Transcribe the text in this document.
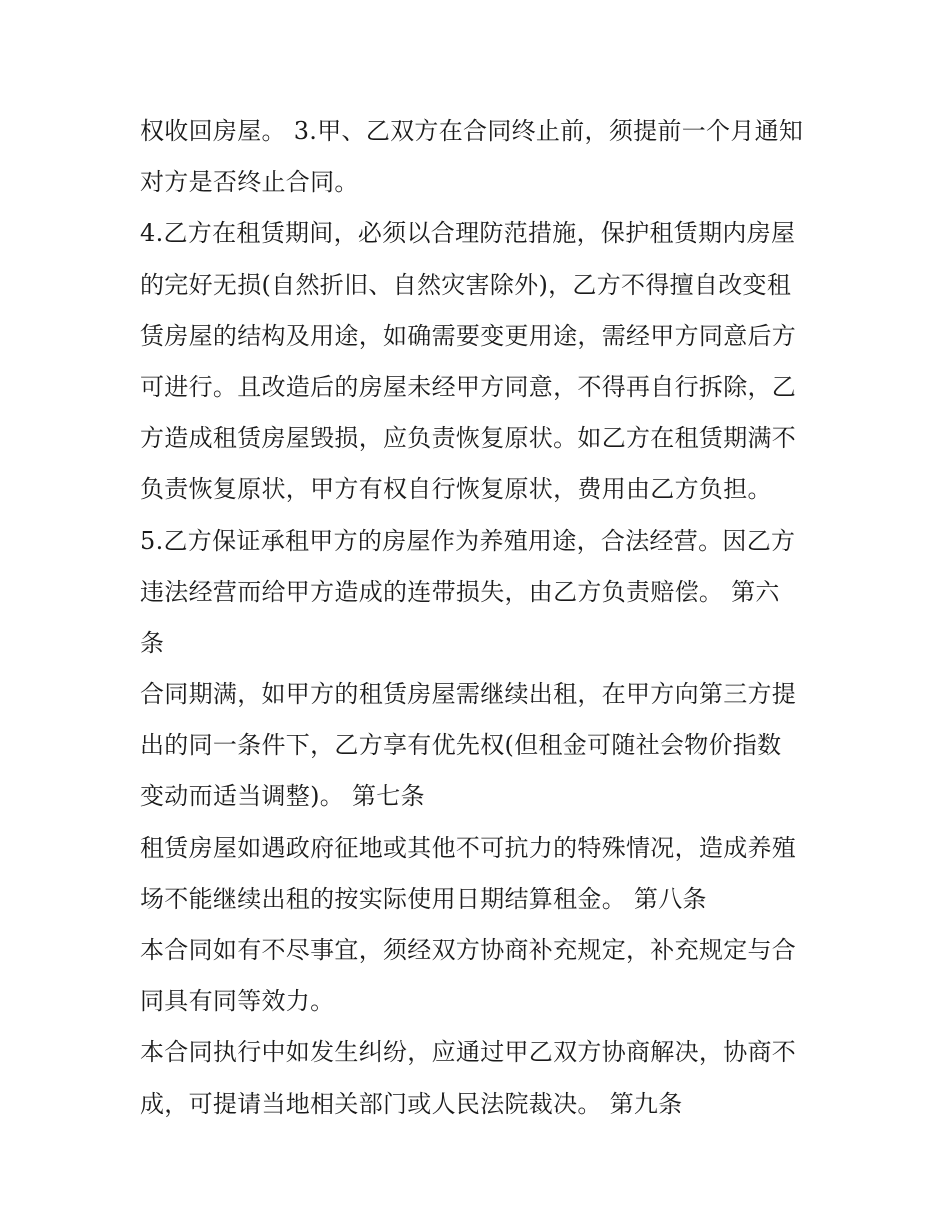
权收回房屋。 3.甲、乙双方在合同终止前，须提前一个月通知
对方是否终止合同。
4.乙方在租赁期间，必须以合理防范措施，保护租赁期内房屋
的完好无损(自然折旧、自然灾害除外)，乙方不得擅自改变租
赁房屋的结构及用途，如确需要变更用途，需经甲方同意后方
可进行。且改造后的房屋未经甲方同意，不得再自行拆除，乙
方造成租赁房屋毁损，应负责恢复原状。如乙方在租赁期满不
负责恢复原状，甲方有权自行恢复原状，费用由乙方负担。
5.乙方保证承租甲方的房屋作为养殖用途，合法经营。因乙方
违法经营而给甲方造成的连带损失，由乙方负责赔偿。 第六
条
合同期满，如甲方的租赁房屋需继续出租，在甲方向第三方提
出的同一条件下，乙方享有优先权(但租金可随社会物价指数
变动而适当调整)。 第七条
租赁房屋如遇政府征地或其他不可抗力的特殊情况，造成养殖
场不能继续出租的按实际使用日期结算租金。 第八条
本合同如有不尽事宜，须经双方协商补充规定，补充规定与合
同具有同等效力。
本合同执行中如发生纠纷，应通过甲乙双方协商解决，协商不
成，可提请当地相关部门或人民法院裁决。 第九条
